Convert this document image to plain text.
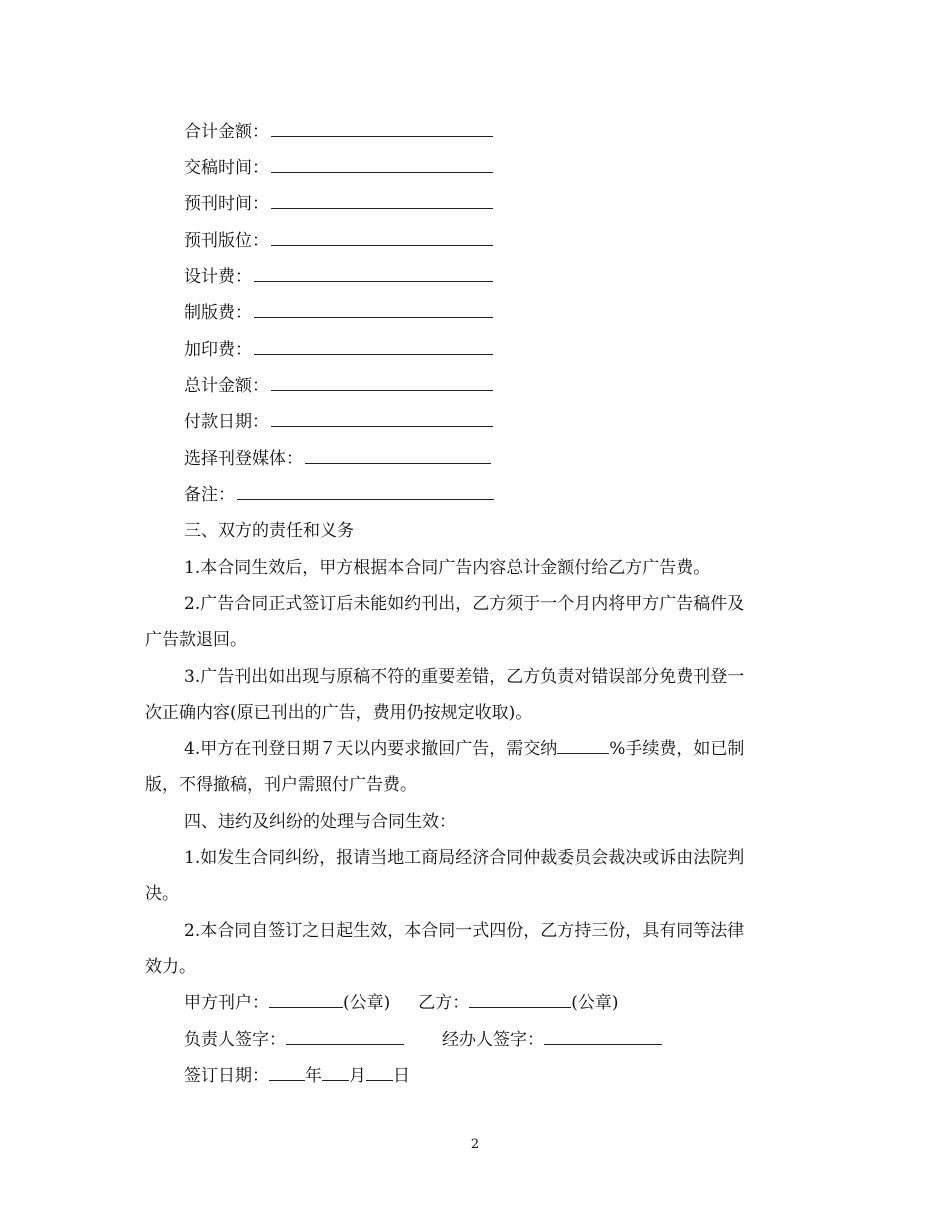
合计金额：
交稿时间：
预刊时间：
预刊版位：
设计费：
制版费：
加印费：
总计金额：
付款日期：
选择刊登媒体：
备注：
三、双方的责任和义务
1.本合同生效后，甲方根据本合同广告内容总计金额付给乙方广告费。
2.广告合同正式签订后未能如约刊出，乙方须于一个月内将甲方广告稿件及
广告款退回。
3.广告刊出如出现与原稿不符的重要差错，乙方负责对错误部分免费刊登一
次正确内容(原已刊出的广告，费用仍按规定收取)。
4.甲方在刊登日期７天以内要求撤回广告，需交纳	%手续费，如已制
版，不得撤稿，刊户需照付广告费。
四、违约及纠纷的处理与合同生效：
1.如发生合同纠纷，报请当地工商局经济合同仲裁委员会裁决或诉由法院判
决。
2.本合同自签订之日起生效，本合同一式四份，乙方持三份，具有同等法律
效力。
甲方刊户：	(公章) 乙方：	(公章)
负责人签字：	经办人签字：
签订日期： 年 月 日
2
